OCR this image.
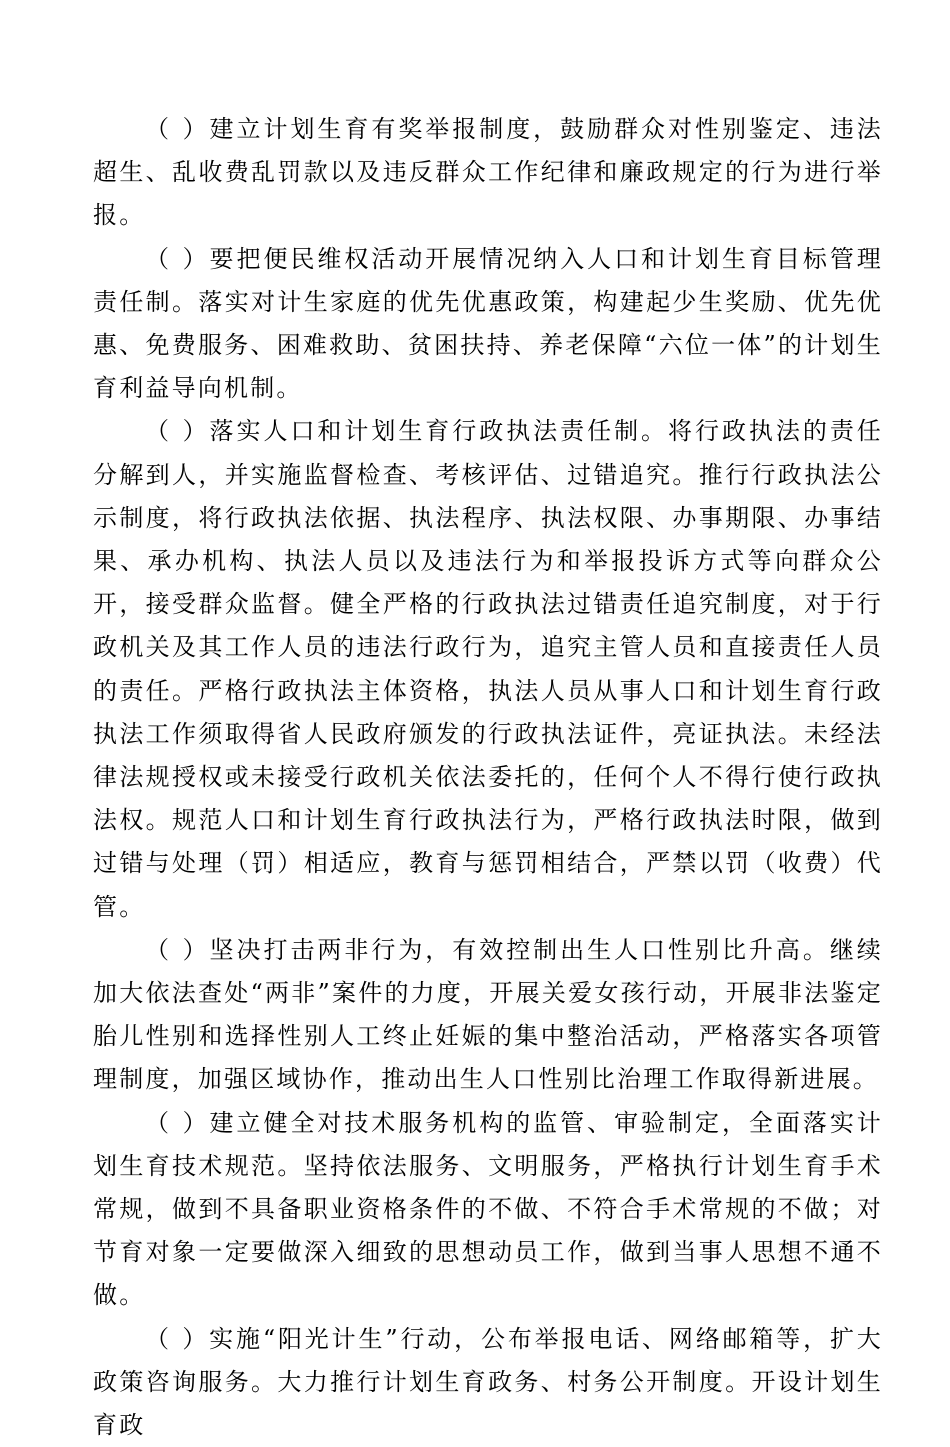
（ ）建立计划生育有奖举报制度，鼓励群众对性别鉴定、违法超生、乱收费乱罚款以及违反群众工作纪律和廉政规定的行为进行举报。

（ ）要把便民维权活动开展情况纳入人口和计划生育目标管理责任制。落实对计生家庭的优先优惠政策，构建起少生奖励、优先优惠、免费服务、困难救助、贫困扶持、养老保障“六位一体”的计划生育利益导向机制。

（ ）落实人口和计划生育行政执法责任制。将行政执法的责任分解到人，并实施监督检查、考核评估、过错追究。推行行政执法公示制度，将行政执法依据、执法程序、执法权限、办事期限、办事结果、承办机构、执法人员以及违法行为和举报投诉方式等向群众公开，接受群众监督。健全严格的行政执法过错责任追究制度，对于行政机关及其工作人员的违法行政行为，追究主管人员和直接责任人员的责任。严格行政执法主体资格，执法人员从事人口和计划生育行政执法工作须取得省人民政府颁发的行政执法证件，亮证执法。未经法律法规授权或未接受行政机关依法委托的，任何个人不得行使行政执法权。规范人口和计划生育行政执法行为，严格行政执法时限，做到过错与处理（罚）相适应，教育与惩罚相结合，严禁以罚（收费）代管。

（ ）坚决打击两非行为，有效控制出生人口性别比升高。继续加大依法查处“两非”案件的力度，开展关爱女孩行动，开展非法鉴定胎儿性别和选择性别人工终止妊娠的集中整治活动，严格落实各项管理制度，加强区域协作，推动出生人口性别比治理工作取得新进展。

（ ）建立健全对技术服务机构的监管、审验制定，全面落实计划生育技术规范。坚持依法服务、文明服务，严格执行计划生育手术常规，做到不具备职业资格条件的不做、不符合手术常规的不做；对节育对象一定要做深入细致的思想动员工作，做到当事人思想不通不做。

（ ）实施“阳光计生”行动，公布举报电话、网络邮箱等，扩大政策咨询服务。大力推行计划生育政务、村务公开制度。开设计划生育政
